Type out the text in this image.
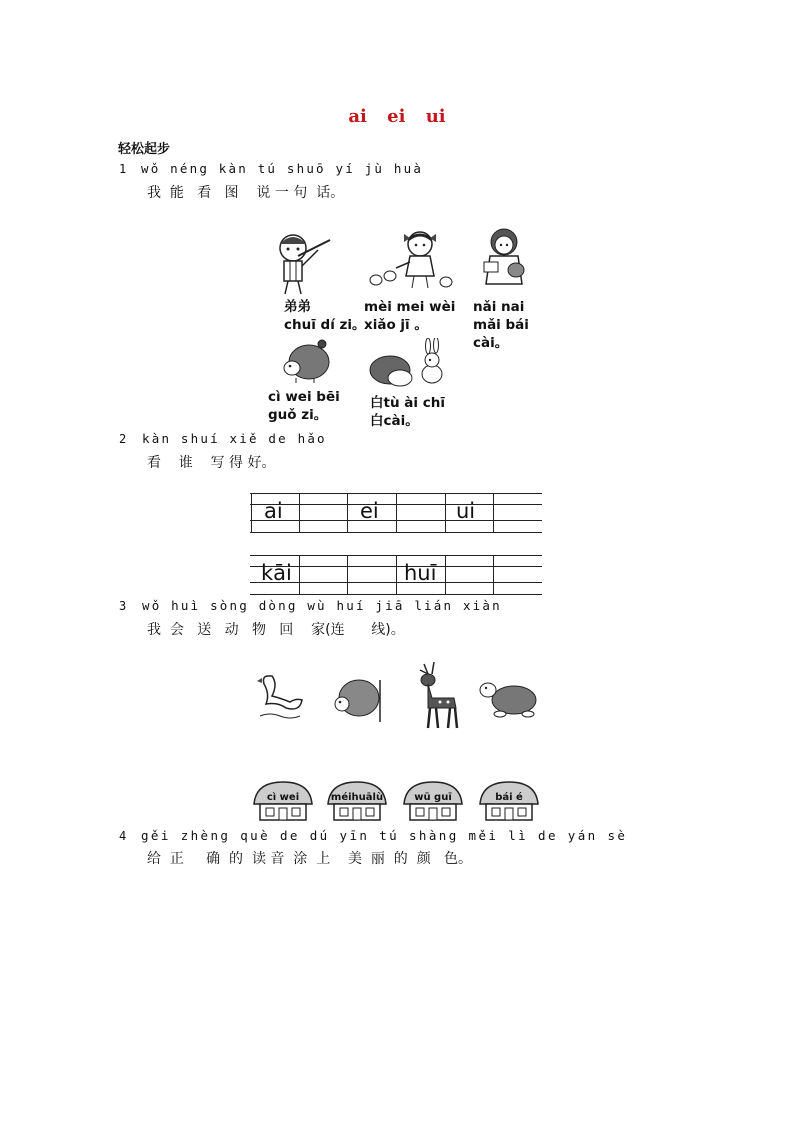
ai ei ui
轻松起步
1 wǒ néng kàn tú shuō yí jù huà
我  能   看   图    说 一 句  话。
弟弟
chuī dí zi。
mèi mei wèi
xiǎo jī 。
nǎi nai
mǎi bái
cài。
cì wei bēi
guǒ zi。
白tù ài chī
白cài。
2 kàn shuí xiě de hǎo
看    谁    写 得 好。
ai	ei	ui
kāi	huī
3 wǒ huì sòng dòng wù huí jiā lián xiàn
我  会   送   动   物   回    家(连      线)。
cì wei	méihuālù	wū guī	bái é
4 gěi zhèng què de dú yīn tú shàng měi lì de yán sè
给  正     确  的  读 音  涂  上    美  丽  的  颜   色。
